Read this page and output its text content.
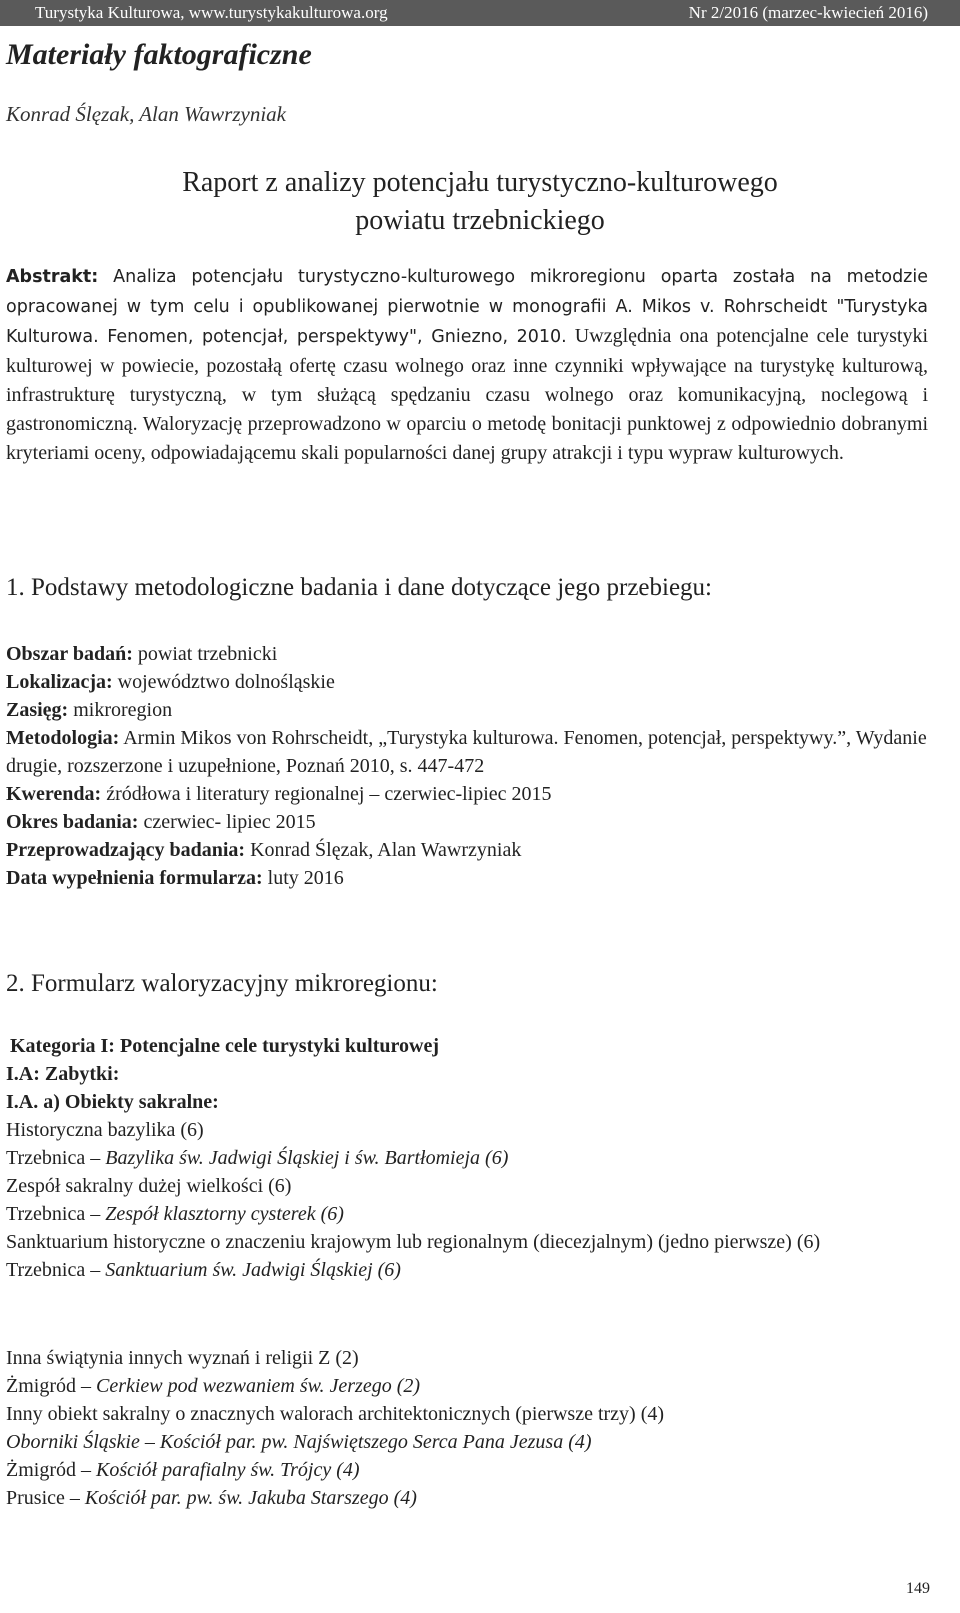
Turystyka Kulturowa, www.turystykakulturowa.org	Nr 2/2016 (marzec-kwiecień 2016)
Materiały faktograficzne
Konrad Ślęzak, Alan Wawrzyniak
Raport z analizy potencjału turystyczno-kulturowego
powiatu trzebnickiego
Abstrakt: Analiza potencjału turystyczno-kulturowego mikroregionu oparta została na metodzie opracowanej w tym celu i opublikowanej pierwotnie w monografii A. Mikos v. Rohrscheidt "Turystyka Kulturowa. Fenomen, potencjał, perspektywy", Gniezno, 2010. Uwzględnia ona potencjalne cele turystyki kulturowej w powiecie, pozostałą ofertę czasu wolnego oraz inne czynniki wpływające na turystykę kulturową, infrastrukturę turystyczną, w tym służącą spędzaniu czasu wolnego oraz komunikacyjną, noclegową i gastronomiczną. Waloryzację przeprowadzono w oparciu o metodę bonitacji punktowej z odpowiednio dobranymi kryteriami oceny, odpowiadającemu skali popularności danej grupy atrakcji i typu wypraw kulturowych.
1. Podstawy metodologiczne badania i dane dotyczące jego przebiegu:
Obszar badań: powiat trzebnicki
Lokalizacja: województwo dolnośląskie
Zasięg: mikroregion
Metodologia: Armin Mikos von Rohrscheidt, „Turystyka kulturowa. Fenomen, potencjał, perspektywy.”, Wydanie drugie, rozszerzone i uzupełnione, Poznań 2010, s. 447-472
Kwerenda: źródłowa i literatury regionalnej – czerwiec-lipiec 2015
Okres badania: czerwiec- lipiec 2015
Przeprowadzający badania: Konrad Ślęzak, Alan Wawrzyniak
Data wypełnienia formularza: luty 2016
2. Formularz waloryzacyjny mikroregionu:
Kategoria I: Potencjalne cele turystyki kulturowej
I.A: Zabytki:
I.A. a) Obiekty sakralne:
Historyczna bazylika (6)
Trzebnica – Bazylika św. Jadwigi Śląskiej i św. Bartłomieja (6)
Zespół sakralny dużej wielkości (6)
Trzebnica – Zespół klasztorny cysterek (6)
Sanktuarium historyczne o znaczeniu krajowym lub regionalnym (diecezjalnym) (jedno pierwsze) (6)
Trzebnica – Sanktuarium św. Jadwigi Śląskiej (6)
Inna świątynia innych wyznań i religii Z (2)
Żmigród – Cerkiew pod wezwaniem św. Jerzego (2)
Inny obiekt sakralny o znacznych walorach architektonicznych (pierwsze trzy) (4)
Oborniki Śląskie – Kościół par. pw. Najświętszego Serca Pana Jezusa (4)
Żmigród – Kościół parafialny św. Trójcy (4)
Prusice – Kościół par. pw. św. Jakuba Starszego (4)
149
